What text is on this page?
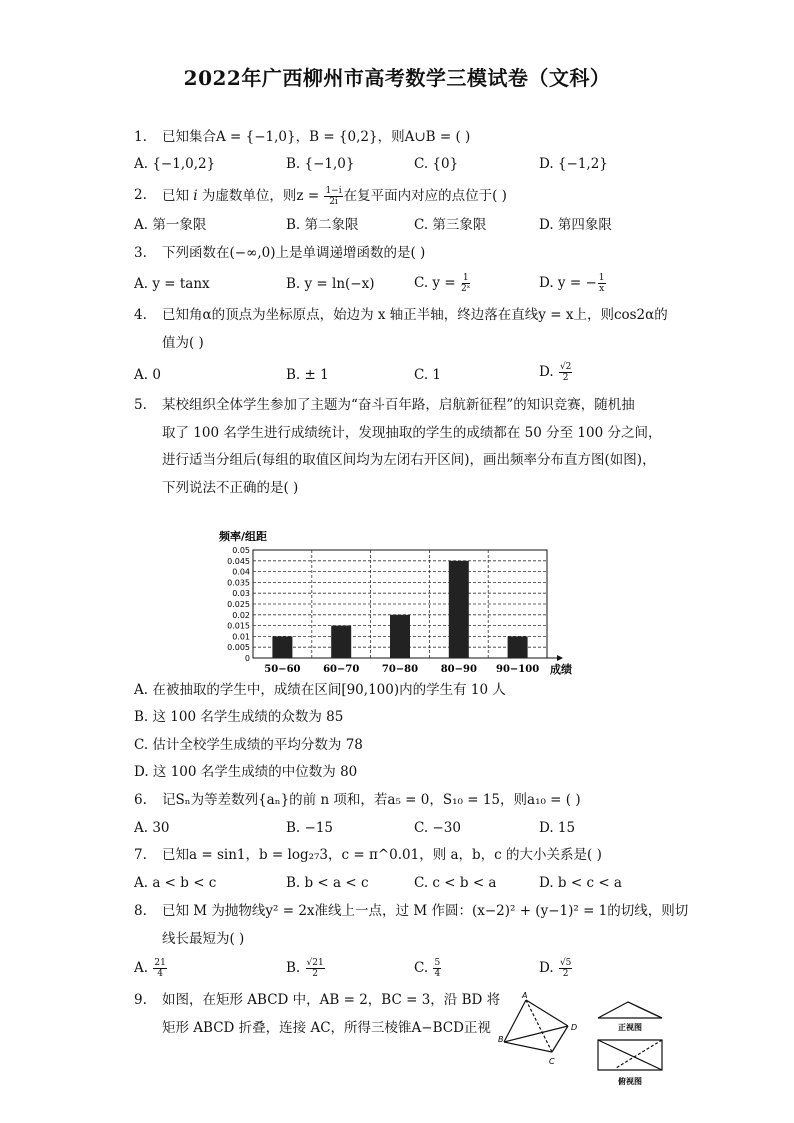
2022年广西柳州市高考数学三模试卷（文科）
1. 已知集合A = {−1,0}，B = {0,2}，则A∪B = ( )
A. {−1,0,2}	B. {−1,0}	C. {0}	D. {−1,2}
2. 已知 i 为虚数单位，则$z = \frac{1-i}{2i}$ 在复平面内对应的点位于( )
A. 第一象限	B. 第二象限	C. 第三象限	D. 第四象限
3. 下列函数在(−∞,0)上是单调递增函数的是( )
A. y = tanx	B. y = ln(−x)	C. $y = \frac{1}{\text{2ˣ}}$	D. y = − $\frac{1}{x}$
4. 已知角α的顶点为坐标原点，始边为 x 轴正半轴，终边落在直线y = x上，则cos2α的
值为( )
A. 0	B. ± 1	C. 1	D. $\frac{√2}{2}$
5. 某校组织全体学生参加了主题为“奋斗百年路，启航新征程”的知识竞赛，随机抽
取了 100 名学生进行成绩统计，发现抽取的学生的成绩都在 50 分至 100 分之间，
进行适当分组后(每组的取值区间均为左闭右开区间)，画出频率分布直方图(如图)，
下列说法不正确的是( )
频率/组距
0.05
0.045
0.04
0.035
0.03
0.025
0.02
0.015
0.01
0.005
0
50−60 60−70 70−80 80−90 90−100 成绩
A. 在被抽取的学生中，成绩在区间[90,100)内的学生有 10 人
B. 这 100 名学生成绩的众数为 85
C. 估计全校学生成绩的平均分数为 78
D. 这 100 名学生成绩的中位数为 80
6. 记Sₙ为等差数列{aₙ}的前 n 项和，若a₅ = 0，S₁₀ = 15，则a₁₀ = ( )
A. 30	B. −15	C. −30	D. 15
7. 已知a = sin1，b = log₂₇3，c = π^0.01，则 a，b，c 的大小关系是( )
A. a < b < c	B. b < a < c	C. c < b < a	D. b < c < a
8. 已知 M 为抛物线y² = 2x准线上一点，过 M 作圆：(x−2)² + (y−1)² = 1的切线，则切
线长最短为( )
A. $\frac{21}{4}$	B. $\frac{√21}{2}$	C. $\frac{5}{4}$	D. $\frac{√5}{2}$
9. 如图，在矩形 ABCD 中，AB = 2，BC = 3，沿 BD 将
矩形 ABCD 折叠，连接 AC，所得三棱锥A−BCD正视
A
B
D
C
正视图
俯视图
